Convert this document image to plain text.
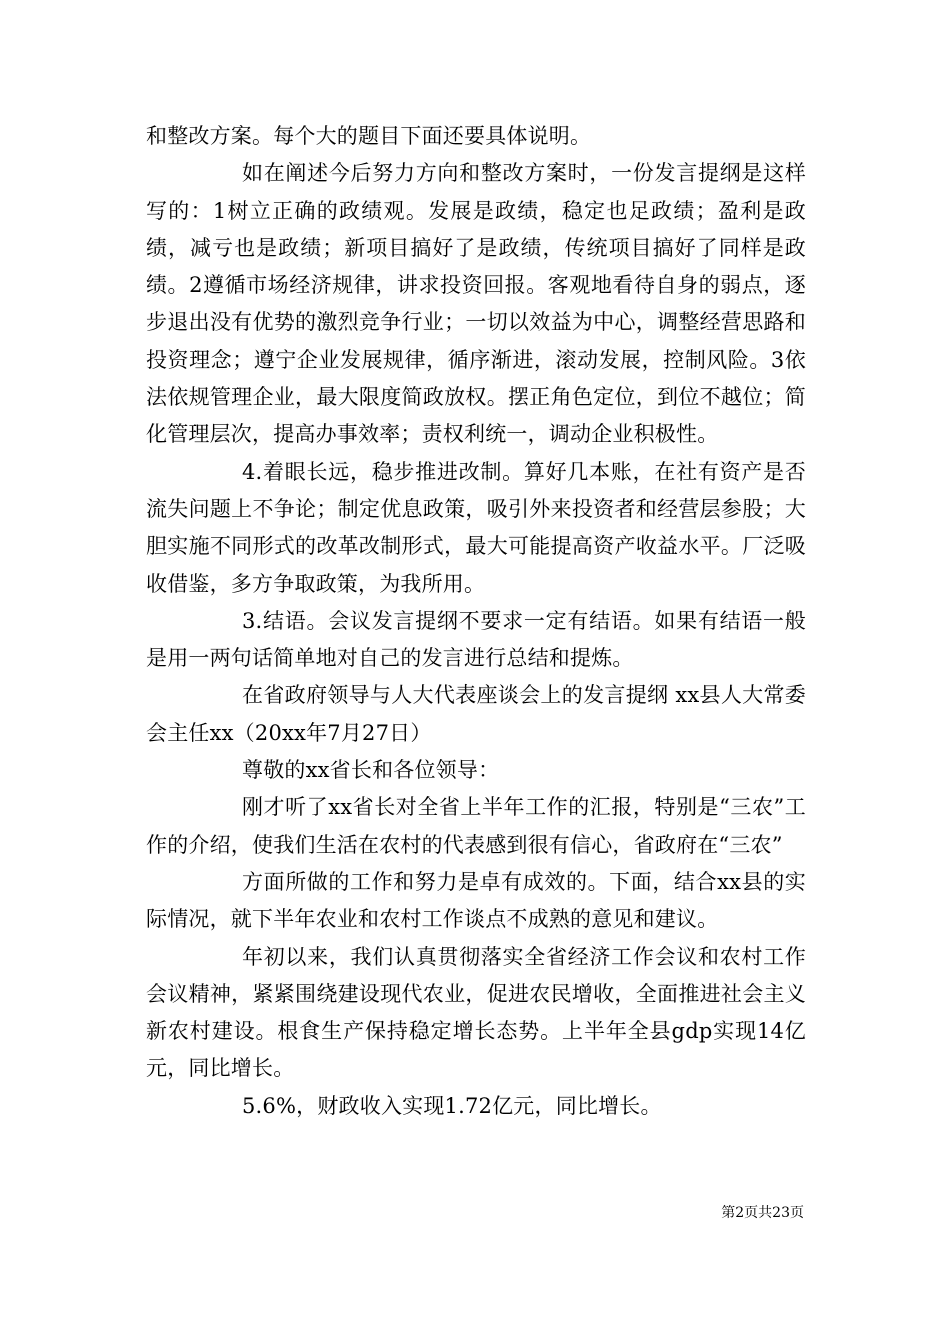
和整改方案。每个大的题目下面还要具体说明。

如在阐述今后努力方向和整改方案时，一份发言提纲是这样写的：1树立正确的政绩观。发展是政绩，稳定也足政绩；盈利是政绩，减亏也是政绩；新项目搞好了是政绩，传统项目搞好了同样是政绩。2遵循市场经济规律，讲求投资回报。客观地看待自身的弱点，逐步退出没有优势的激烈竞争行业；一切以效益为中心，调整经营思路和投资理念；遵宁企业发展规律，循序渐进，滚动发展，控制风险。3依法依规管理企业，最大限度简政放权。摆正角色定位，到位不越位；简化管理层次，提高办事效率；责权利统一，调动企业积极性。

4.着眼长远，稳步推进改制。算好几本账，在社有资产是否流失问题上不争论；制定优息政策，吸引外来投资者和经营层参股；大胆实施不同形式的改革改制形式，最大可能提高资产收益水平。厂泛吸收借鉴，多方争取政策，为我所用。

3.结语。会议发言提纲不要求一定有结语。如果有结语一般是用一两句话简单地对自己的发言进行总结和提炼。

在省政府领导与人大代表座谈会上的发言提纲 xx县人大常委会主任xx（20xx年7月27日）

尊敬的xx省长和各位领导：

刚才听了xx省长对全省上半年工作的汇报，特别是“三农”工作的介绍，使我们生活在农村的代表感到很有信心，省政府在“三农”

方面所做的工作和努力是卓有成效的。下面，结合xx县的实际情况，就下半年农业和农村工作谈点不成熟的意见和建议。

年初以来，我们认真贯彻落实全省经济工作会议和农村工作会议精神，紧紧围绕建设现代农业，促进农民增收，全面推进社会主义新农村建设。根食生产保持稳定增长态势。上半年全县gdp实现14亿元，同比增长。

5.6%，财政收入实现1.72亿元，同比增长。

第2页共23页
